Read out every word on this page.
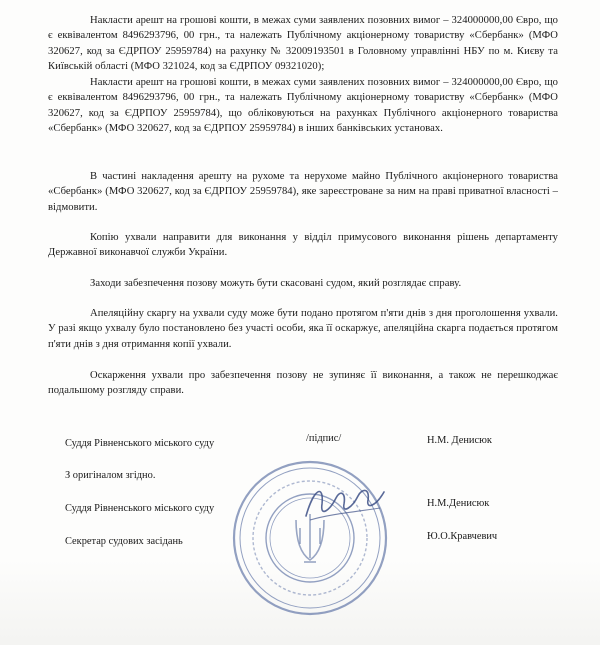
Накласти арешт на грошові кошти, в межах суми заявлених позовних вимог – 324000000,00 Євро, що є еквівалентом 8496293796, 00 грн., та належать Публічному акціонерному товариству «Сбербанк» (МФО 320627, код за ЄДРПОУ 25959784) на рахунку № 32009193501 в Головному управлінні НБУ по м. Києву та Київській області (МФО 321024, код за ЄДРПОУ 09321020);

Накласти арешт на грошові кошти, в межах суми заявлених позовних вимог – 324000000,00 Євро, що є еквівалентом 8496293796, 00 грн., та належать Публічному акціонерному товариству «Сбербанк» (МФО 320627, код за ЄДРПОУ 25959784), що обліковуються на рахунках Публічного акціонерного товариства «Сбербанк» (МФО 320627, код за ЄДРПОУ 25959784) в інших банківських установах.

В частині накладення арешту на рухоме та нерухоме майно Публічного акціонерного товариства «Сбербанк» (МФО 320627, код за ЄДРПОУ 25959784), яке зареєстроване за ним на праві приватної власності – відмовити.

Копію ухвали направити для виконання у відділ примусового виконання рішень департаменту Державної виконавчої служби України.

Заходи забезпечення позову можуть бути скасовані судом, який розглядає справу.

Апеляційну скаргу на ухвали суду може бути подано протягом п'яти днів з дня проголошення ухвали. У разі якщо ухвалу було постановлено без участі особи, яка її оскаржує, апеляційна скарга подається протягом п'яти днів з дня отримання копії ухвали.

Оскарження ухвали про забезпечення позову не зупиняє її виконання, а також не перешкоджає подальшому розгляду справи.

Суддя Рівненського міського суду	/підпис/	Н.М. Денисюк
З оригіналом згідно.
Суддя Рівненського міського суду	Н.М.Денисюк
Секретар судових засідань	Ю.О.Кравчевич
